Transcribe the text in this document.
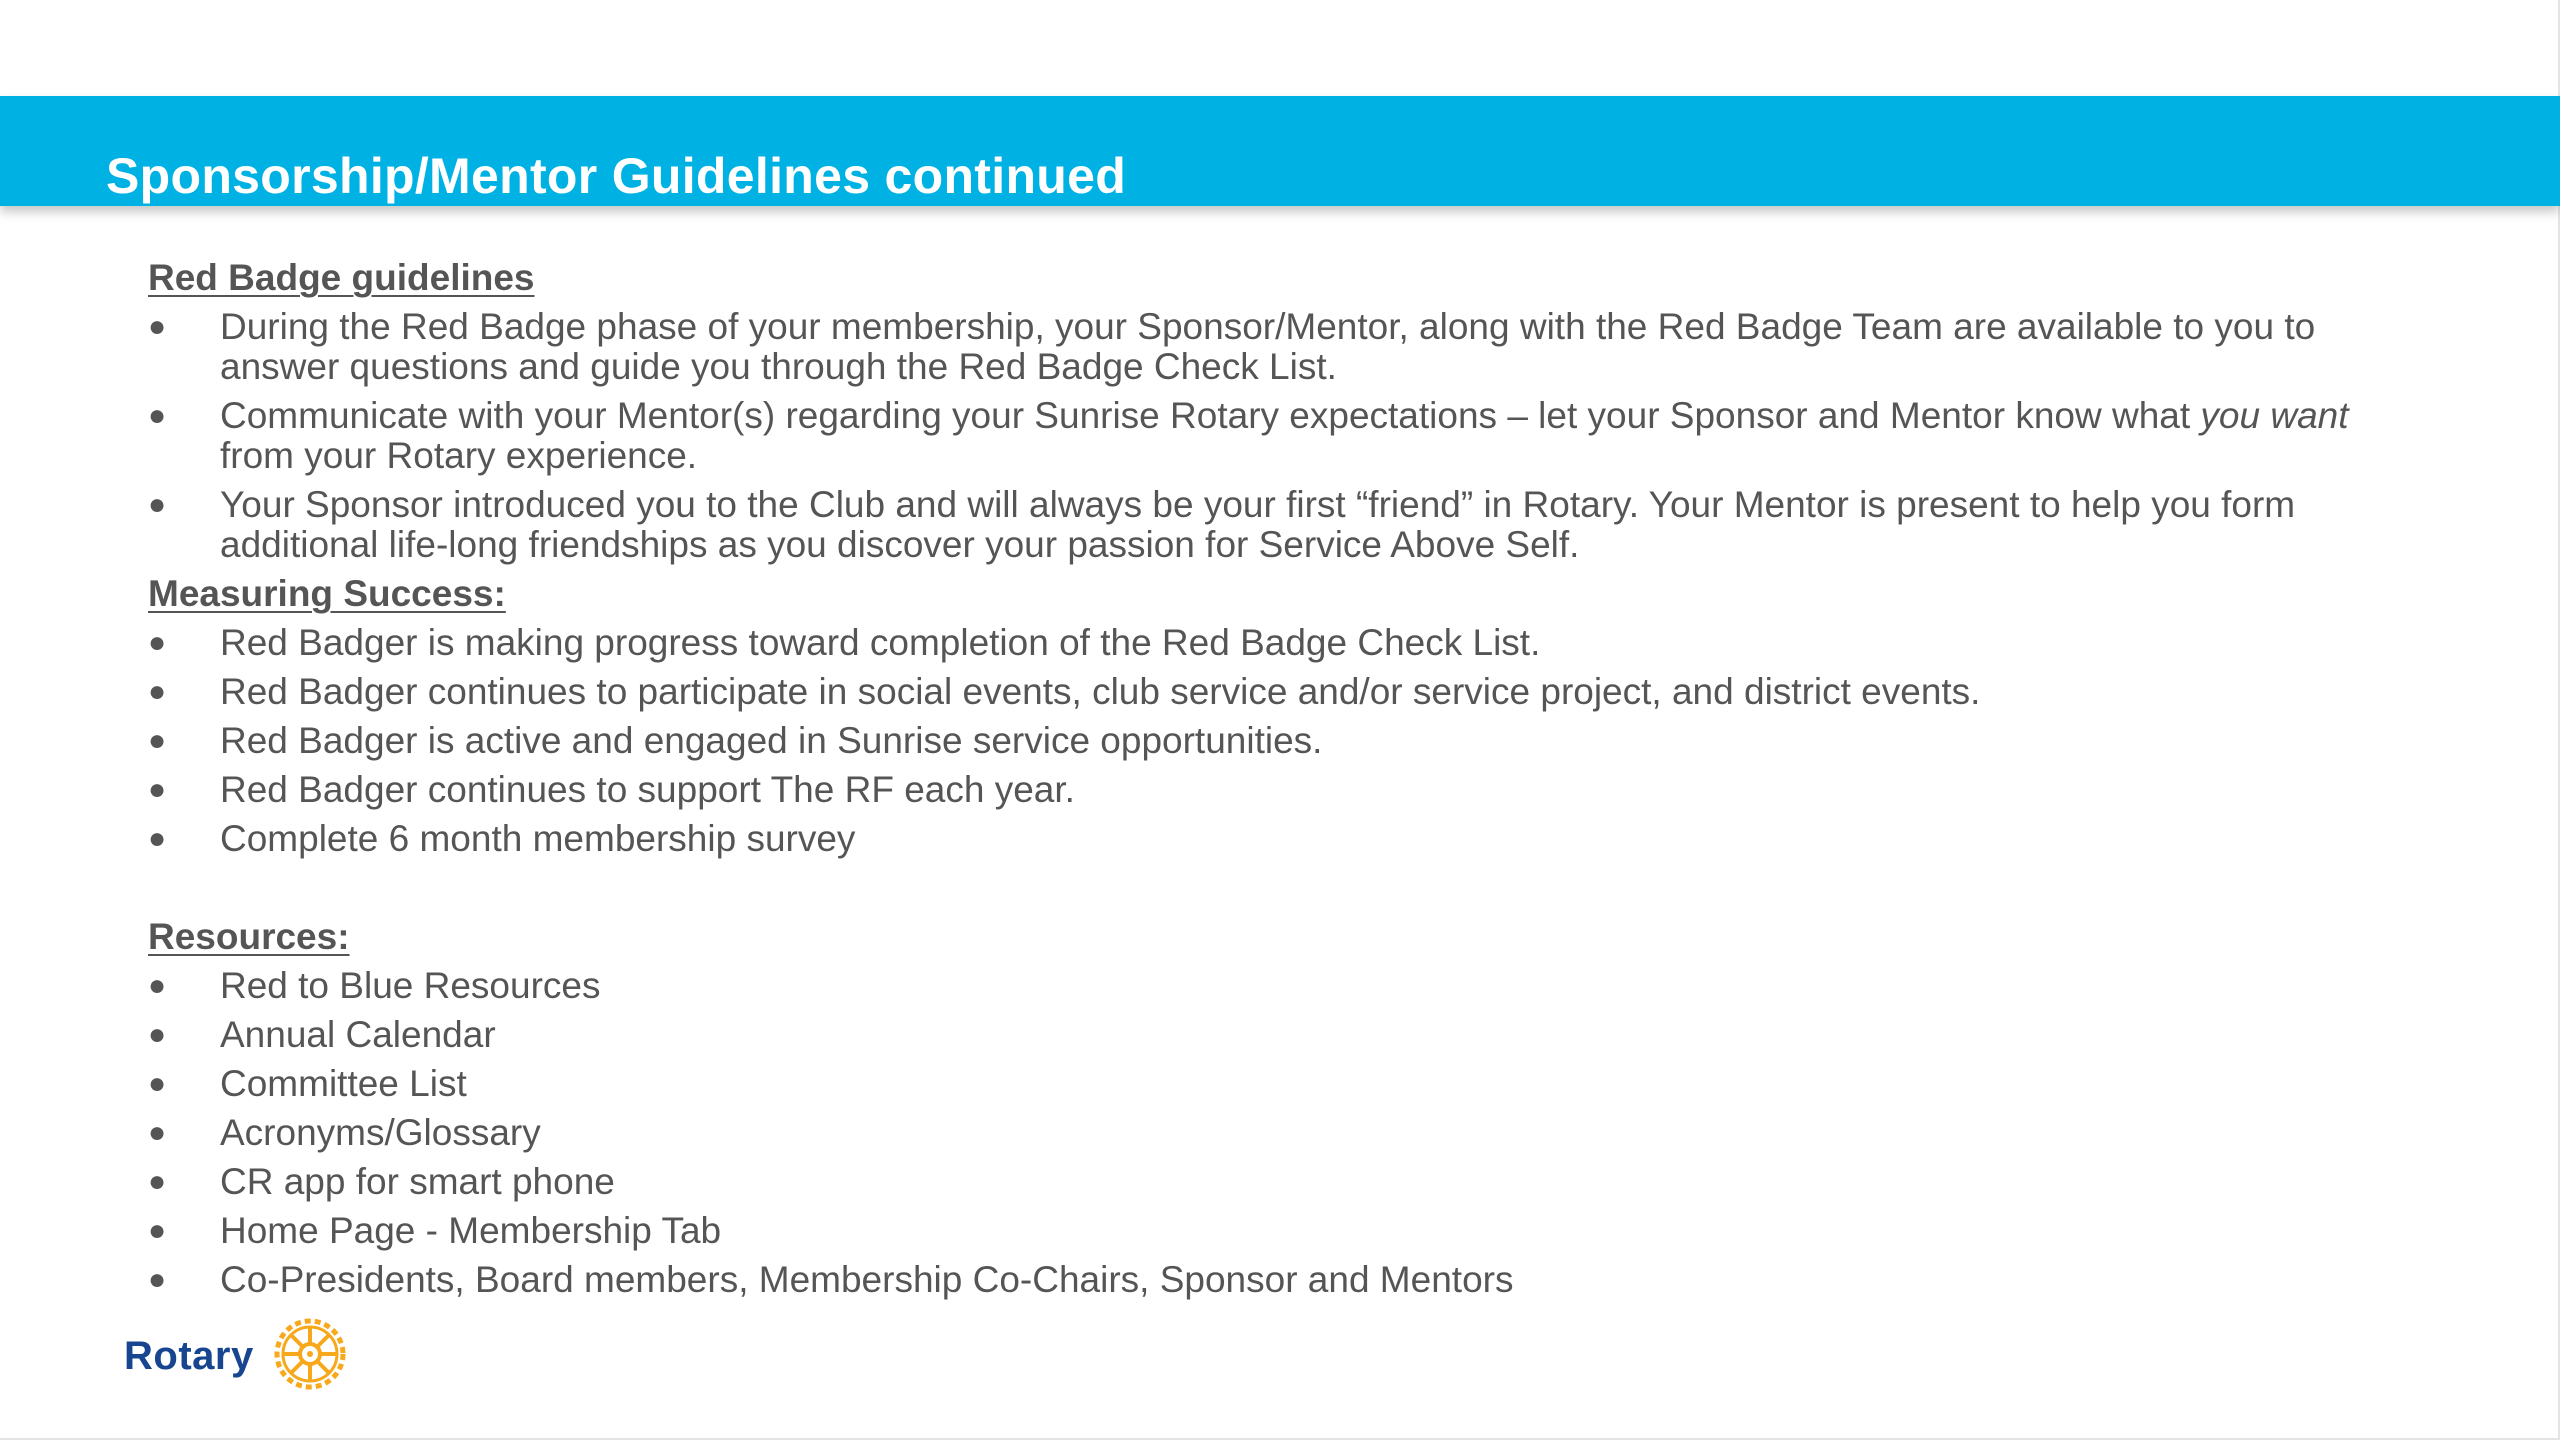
Sponsorship/Mentor Guidelines continued
Red Badge guidelines
●	During the Red Badge phase of your membership, your Sponsor/Mentor, along with the Red Badge Team are available to you to answer questions and guide you through the Red Badge Check List.
●	Communicate with your Mentor(s) regarding your Sunrise Rotary expectations – let your Sponsor and Mentor know what you want from your Rotary experience.
●	Your Sponsor introduced you to the Club and will always be your first “friend” in Rotary. Your Mentor is present to help you form additional life-long friendships as you discover your passion for Service Above Self.
Measuring Success:
●	Red Badger is making progress toward completion of the Red Badge Check List.
●	Red Badger continues to participate in social events, club service and/or service project, and district events.
●	Red Badger is active and engaged in Sunrise service opportunities.
●	Red Badger continues to support The RF each year.
●	Complete 6 month membership survey
Resources:
●	Red to Blue Resources
●	Annual Calendar
●	Committee List
●	Acronyms/Glossary
●	CR app for smart phone
●	Home Page - Membership Tab
●	Co-Presidents, Board members, Membership Co-Chairs, Sponsor and Mentors
Rotary
